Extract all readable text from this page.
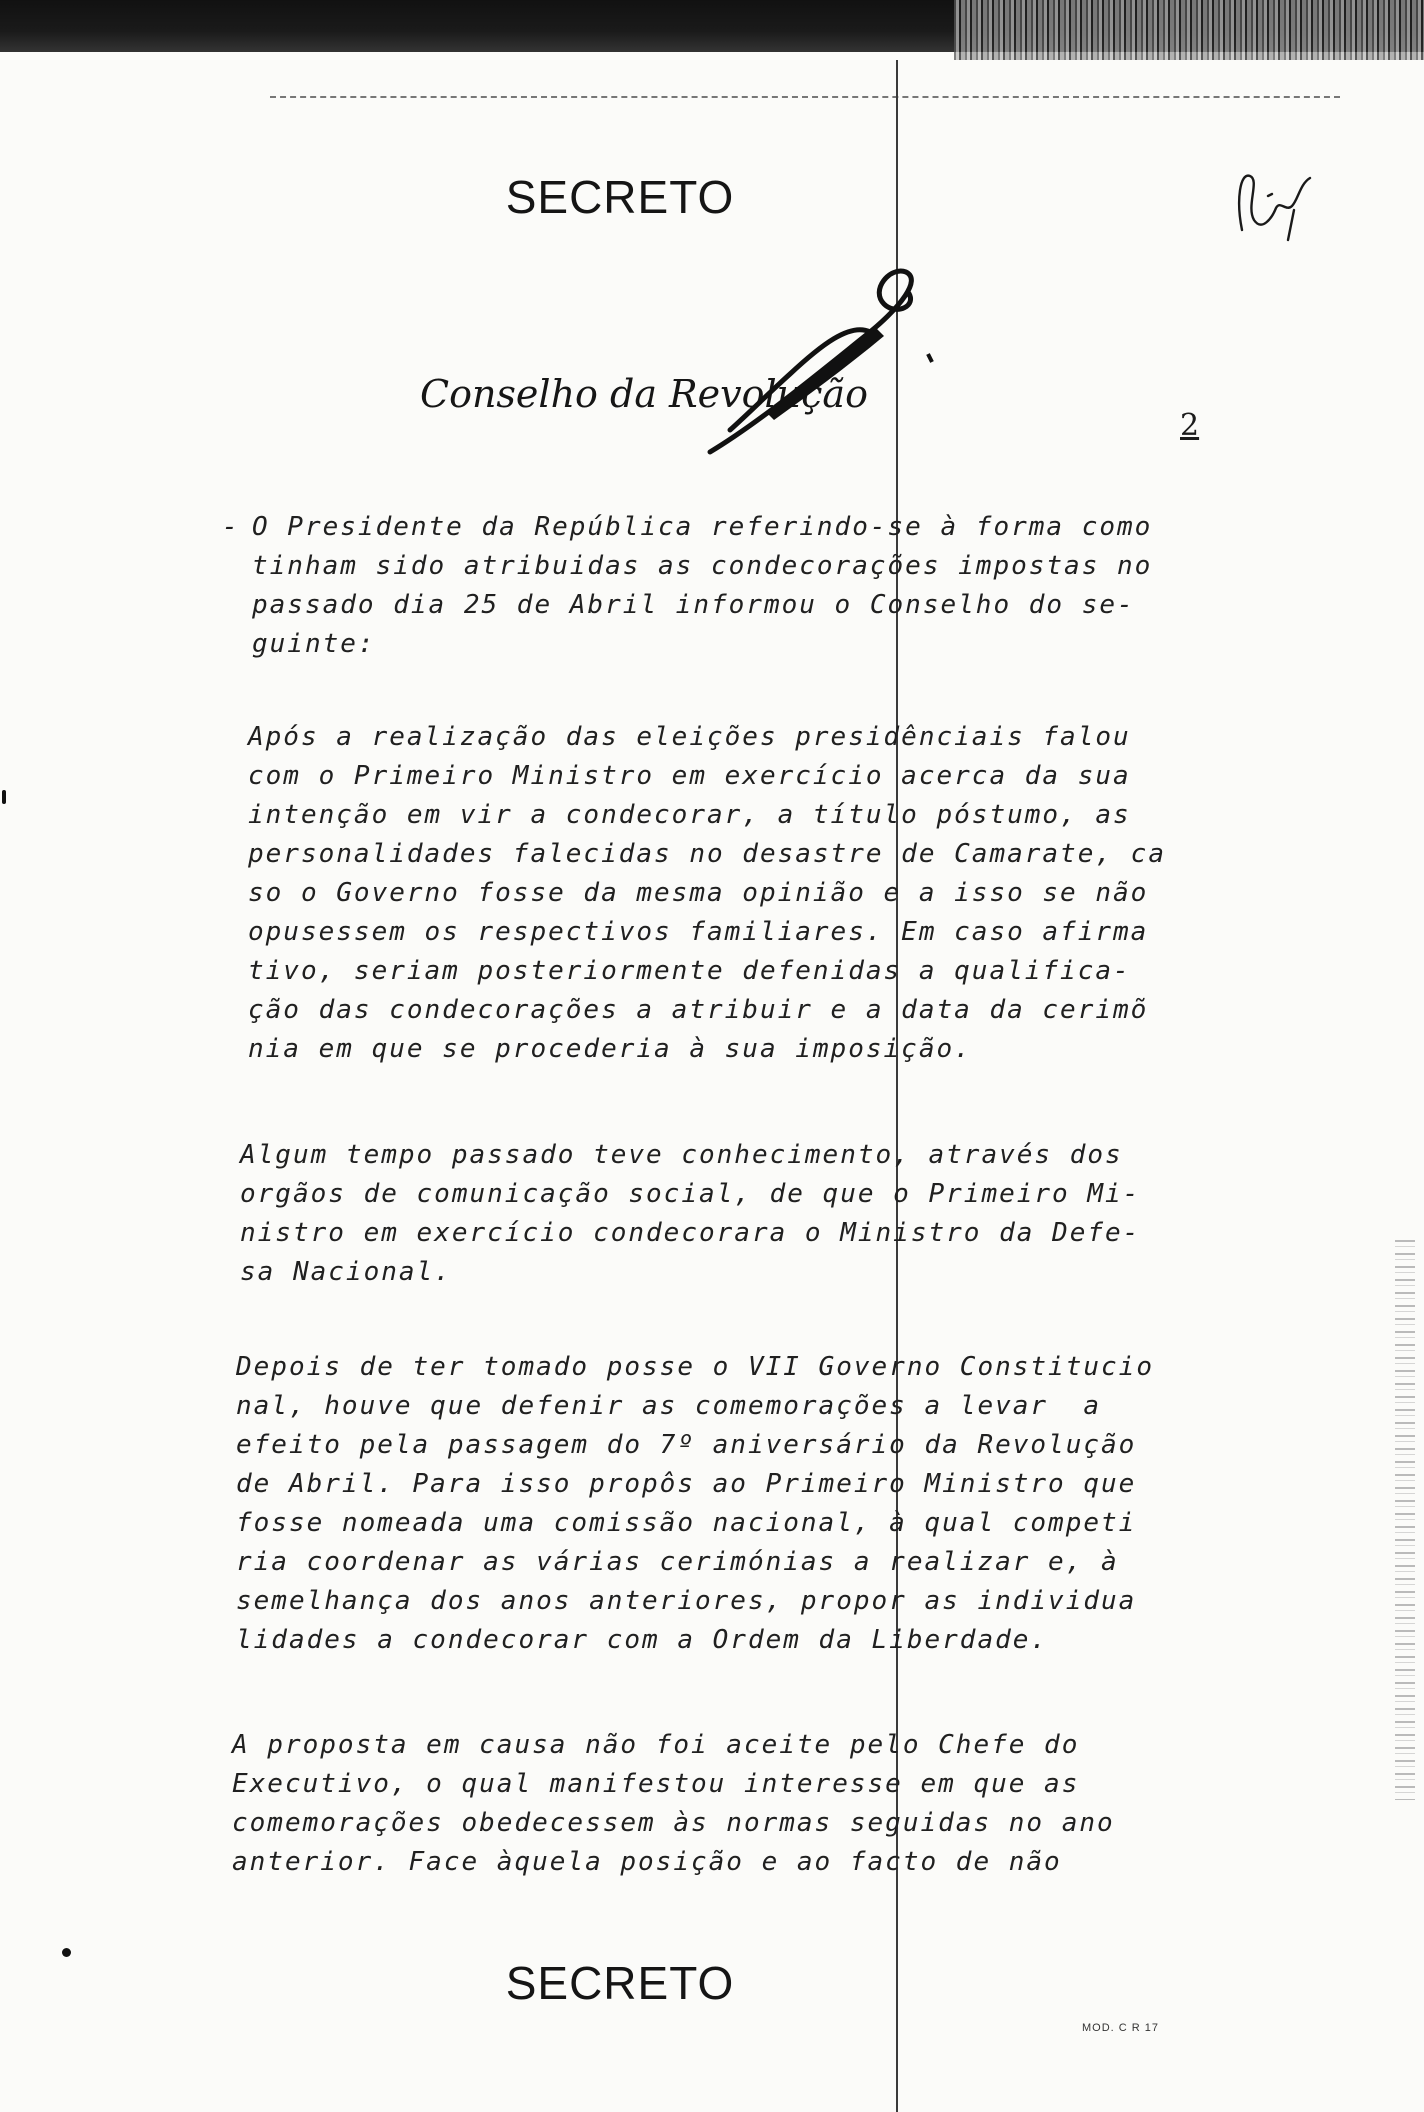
SECRETO
Conselho da Revolução
2
- O Presidente da República referindo-se à forma como
tinham sido atribuidas as condecorações impostas no
passado dia 25 de Abril informou o Conselho do se-
guinte:

Após a realização das eleições presidênciais falou
com o Primeiro Ministro em exercício acerca da sua
intenção em vir a condecorar, a título póstumo, as
personalidades falecidas no desastre de Camarate, ca
so o Governo fosse da mesma opinião e a isso se não
opusessem os respectivos familiares. Em caso afirma
tivo, seriam posteriormente defenidas a qualifica-
ção das condecorações a atribuir e a data da cerimõ
nia em que se procederia à sua imposição.

Algum tempo passado teve conhecimento, através dos
orgãos de comunicação social, de que o Primeiro Mi-
nistro em exercício condecorara o Ministro da Defe-
sa Nacional.

Depois de ter tomado posse o VII Governo Constitucio
nal, houve que defenir as comemorações a levar  a
efeito pela passagem do 7º aniversário da Revolução
de Abril. Para isso propôs ao Primeiro Ministro que
fosse nomeada uma comissão nacional, à qual competi
ria coordenar as várias cerimónias a realizar e, à
semelhança dos anos anteriores, propor as individua
lidades a condecorar com a Ordem da Liberdade.

A proposta em causa não foi aceite pelo Chefe do
Executivo, o qual manifestou interesse em que as
comemorações obedecessem às normas seguidas no ano
anterior. Face àquela posição e ao facto de não

SECRETO
MOD. C R 17
